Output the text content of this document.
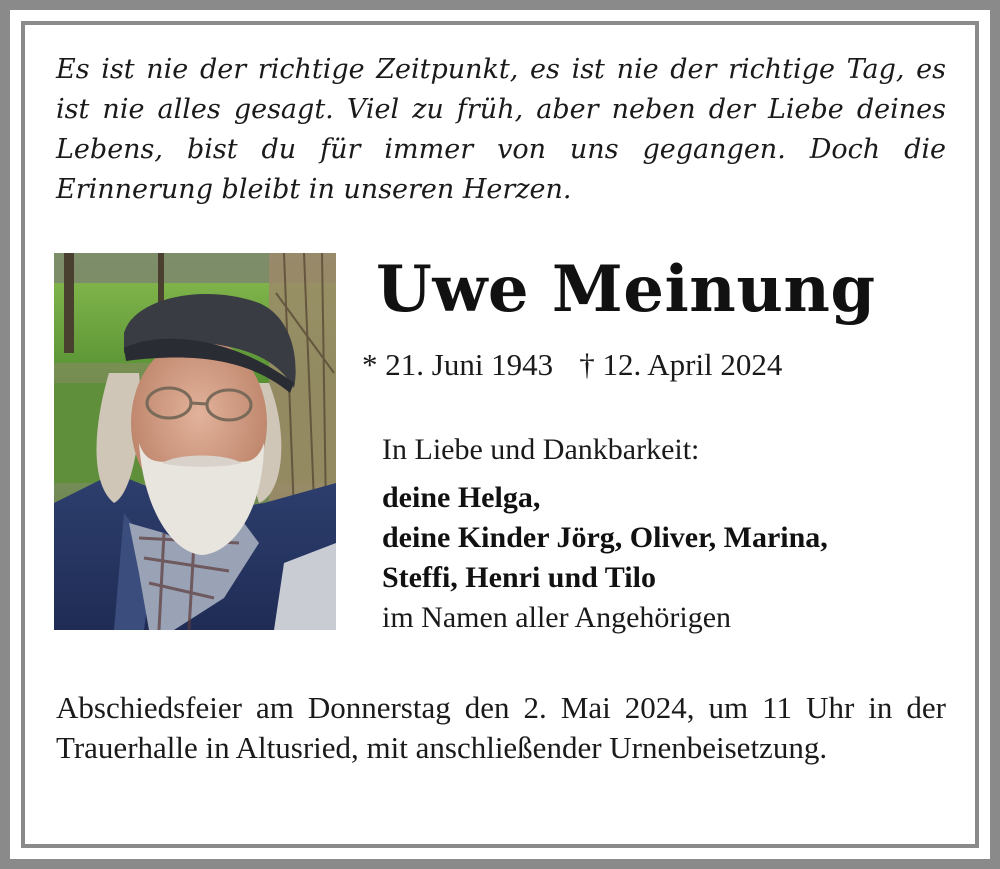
Es ist nie der richtige Zeitpunkt, es ist nie der richtige Tag, es ist nie alles gesagt. Viel zu früh, aber neben der Liebe deines Lebens, bist du für immer von uns gegangen. Doch die Erinnerung bleibt in unseren Herzen.

Uwe Meinung
* 21. Juni 1943 † 12. April 2024
In Liebe und Dankbarkeit:
deine Helga,
deine Kinder Jörg, Oliver, Marina,
Steffi, Henri und Tilo
im Namen aller Angehörigen

Abschiedsfeier am Donnerstag den 2. Mai 2024, um 11 Uhr in der Trauerhalle in Altusried, mit anschließender Urnenbeisetzung.
